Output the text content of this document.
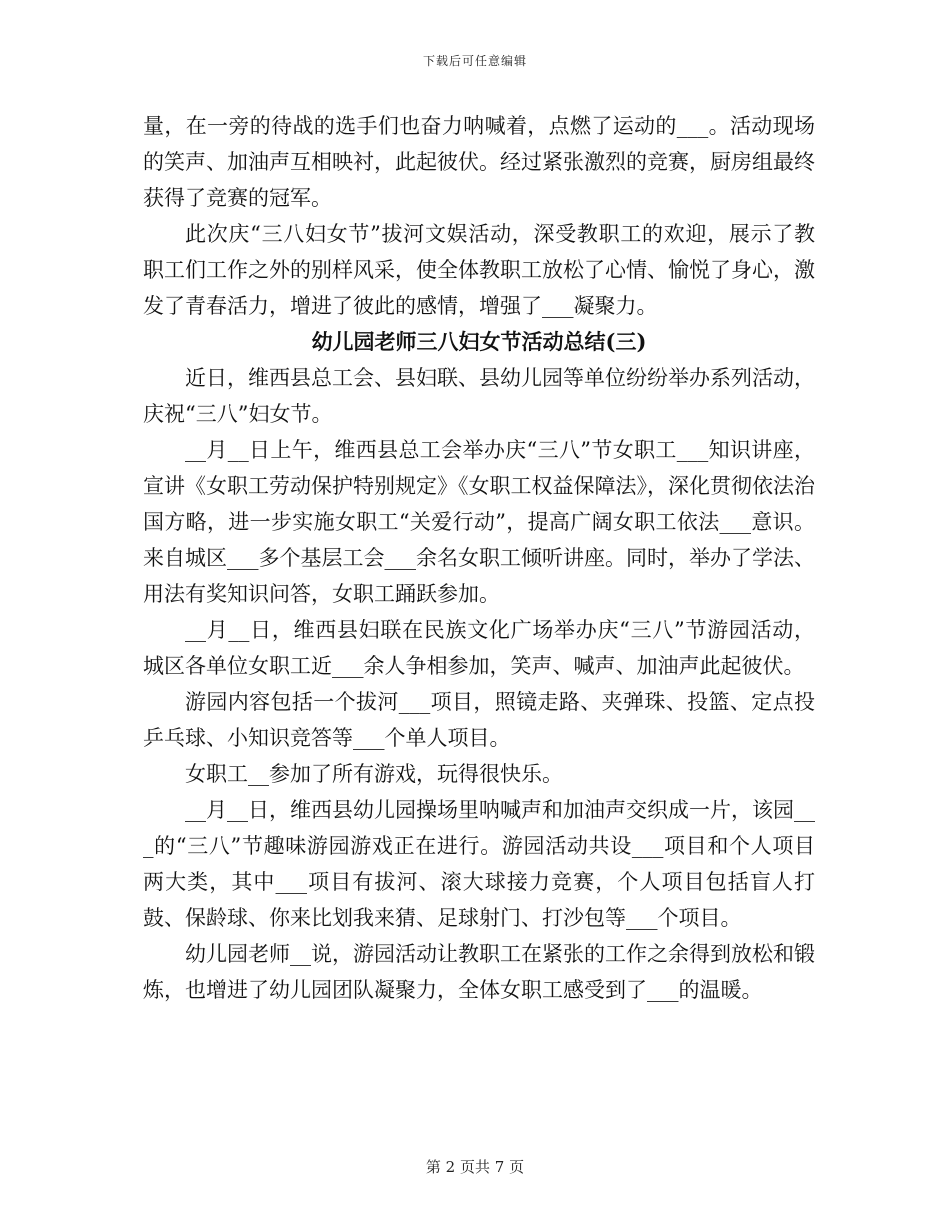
下载后可任意编辑

量，在一旁的待战的选手们也奋力呐喊着，点燃了运动的___。活动现场的笑声、加油声互相映衬，此起彼伏。经过紧张激烈的竞赛，厨房组最终获得了竞赛的冠军。

此次庆“三八妇女节”拔河文娱活动，深受教职工的欢迎，展示了教职工们工作之外的别样风采，使全体教职工放松了心情、愉悦了身心，激发了青春活力，增进了彼此的感情，增强了___凝聚力。

幼儿园老师三八妇女节活动总结(三)

近日，维西县总工会、县妇联、县幼儿园等单位纷纷举办系列活动，庆祝“三八”妇女节。

__月__日上午，维西县总工会举办庆“三八”节女职工___知识讲座，宣讲《女职工劳动保护特别规定》《女职工权益保障法》，深化贯彻依法治国方略，进一步实施女职工“关爱行动”，提高广阔女职工依法___意识。来自城区___多个基层工会___余名女职工倾听讲座。同时，举办了学法、用法有奖知识问答，女职工踊跃参加。

__月__日，维西县妇联在民族文化广场举办庆“三八”节游园活动，城区各单位女职工近___余人争相参加，笑声、喊声、加油声此起彼伏。

游园内容包括一个拔河___项目，照镜走路、夹弹珠、投篮、定点投乒乓球、小知识竞答等___个单人项目。

女职工__参加了所有游戏，玩得很快乐。

__月__日，维西县幼儿园操场里呐喊声和加油声交织成一片，该园___的“三八”节趣味游园游戏正在进行。游园活动共设___项目和个人项目两大类，其中___项目有拔河、滚大球接力竞赛，个人项目包括盲人打鼓、保龄球、你来比划我来猜、足球射门、打沙包等___个项目。

幼儿园老师__说，游园活动让教职工在紧张的工作之余得到放松和锻炼，也增进了幼儿园团队凝聚力，全体女职工感受到了___的温暖。

第 2 页共 7 页
